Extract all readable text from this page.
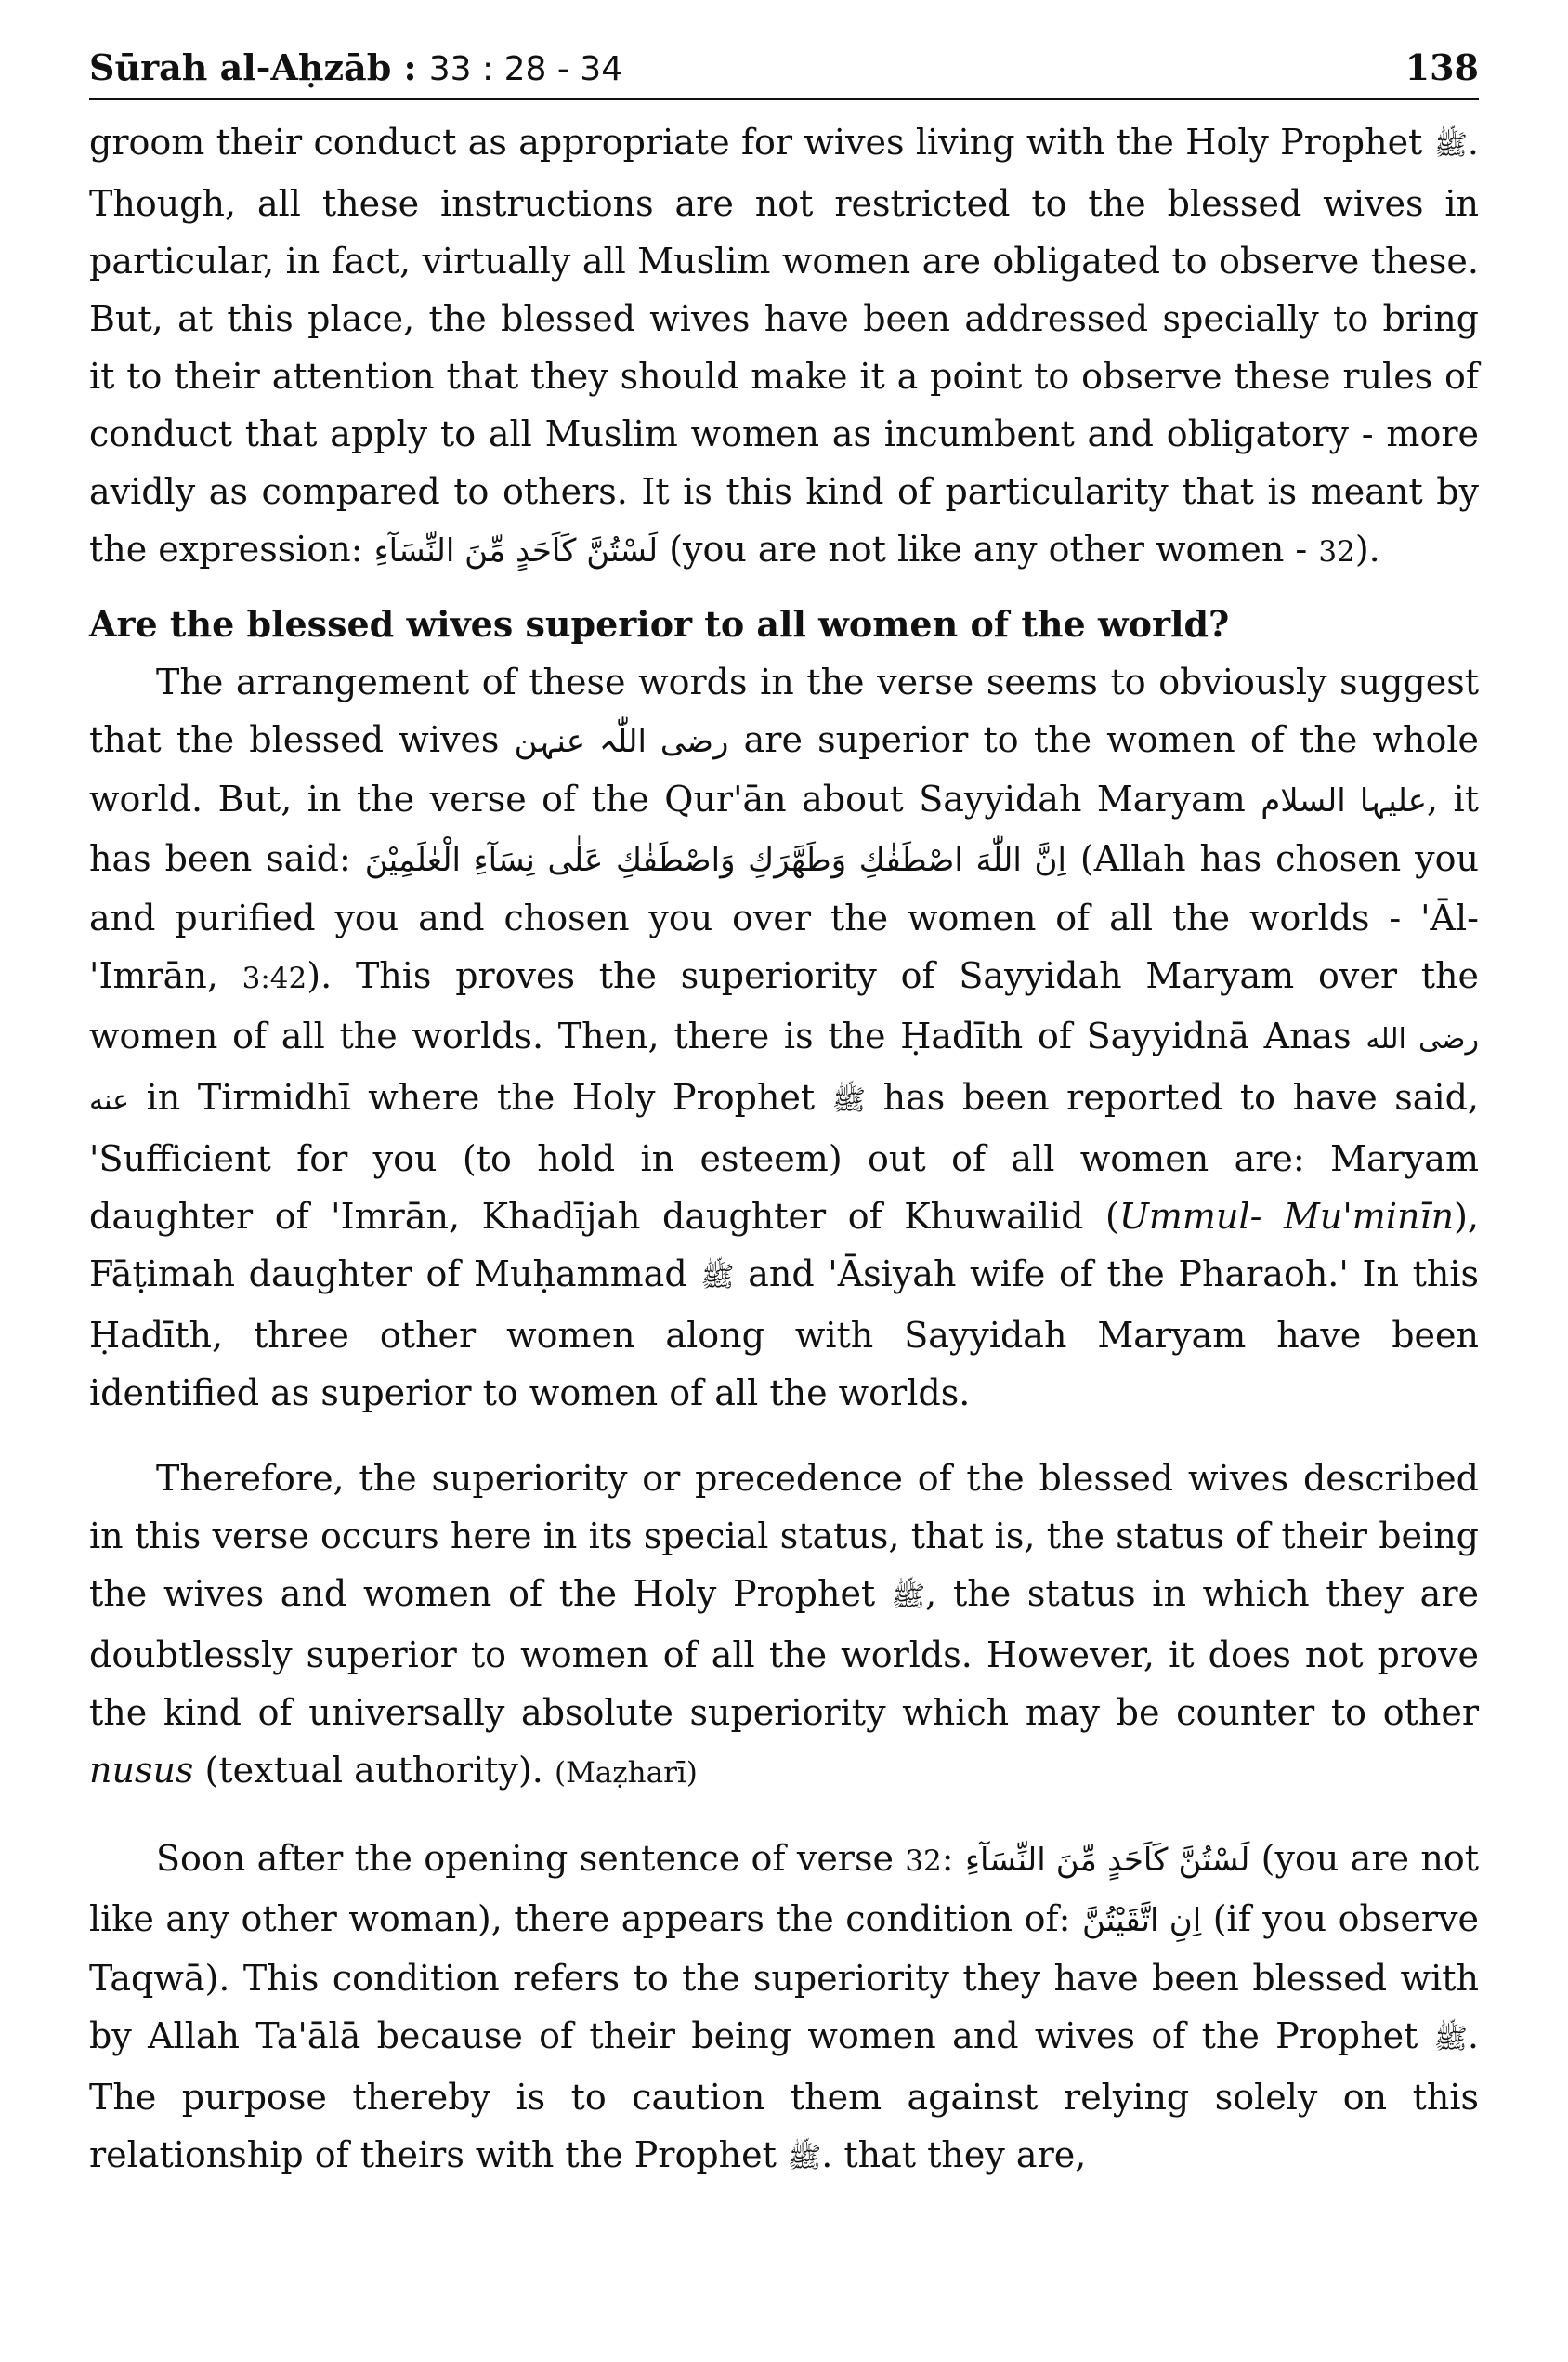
Sūrah al-Aḥzāb : 33 : 28 - 34	138

groom their conduct as appropriate for wives living with the Holy Prophet ﷺ. Though, all these instructions are not restricted to the blessed wives in particular, in fact, virtually all Muslim women are obligated to observe these. But, at this place, the blessed wives have been addressed specially to bring it to their attention that they should make it a point to observe these rules of conduct that apply to all Muslim women as incumbent and obligatory - more avidly as compared to others. It is this kind of particularity that is meant by the expression: لَسْتُنَّ كَاَحَدٍ مِّنَ النِّسَآءِ (you are not like any other women - 32).

Are the blessed wives superior to all women of the world?

The arrangement of these words in the verse seems to obviously suggest that the blessed wives رضی اللّٰہ عنہن are superior to the women of the whole world. But, in the verse of the Qur'ān about Sayyidah Maryam علیہا السلام, it has been said: اِنَّ اللّٰهَ اصْطَفٰكِ وَطَهَّرَكِ وَاصْطَفٰكِ عَلٰى نِسَآءِ الْعٰلَمِيْنَ (Allah has chosen you and purified you and chosen you over the women of all the worlds - 'Āl-'Imrān, 3:42). This proves the superiority of Sayyidah Maryam over the women of all the worlds. Then, there is the Ḥadīth of Sayyidnā Anas رضی الله عنه in Tirmidhī where the Holy Prophet ﷺ has been reported to have said, 'Sufficient for you (to hold in esteem) out of all women are: Maryam daughter of 'Imrān, Khadījah daughter of Khuwailid (Ummul- Mu'minīn), Fāṭimah daughter of Muḥammad ﷺ and 'Āsiyah wife of the Pharaoh.' In this Ḥadīth, three other women along with Sayyidah Maryam have been identified as superior to women of all the worlds.

Therefore, the superiority or precedence of the blessed wives described in this verse occurs here in its special status, that is, the status of their being the wives and women of the Holy Prophet ﷺ, the status in which they are doubtlessly superior to women of all the worlds. However, it does not prove the kind of universally absolute superiority which may be counter to other nusus (textual authority). (Maẓharī)

Soon after the opening sentence of verse 32: لَسْتُنَّ كَاَحَدٍ مِّنَ النِّسَآءِ (you are not like any other woman), there appears the condition of: اِنِ اتَّقَيْتُنَّ (if you observe Taqwā). This condition refers to the superiority they have been blessed with by Allah Ta'ālā because of their being women and wives of the Prophet ﷺ. The purpose thereby is to caution them against relying solely on this relationship of theirs with the Prophet ﷺ. that they are,
